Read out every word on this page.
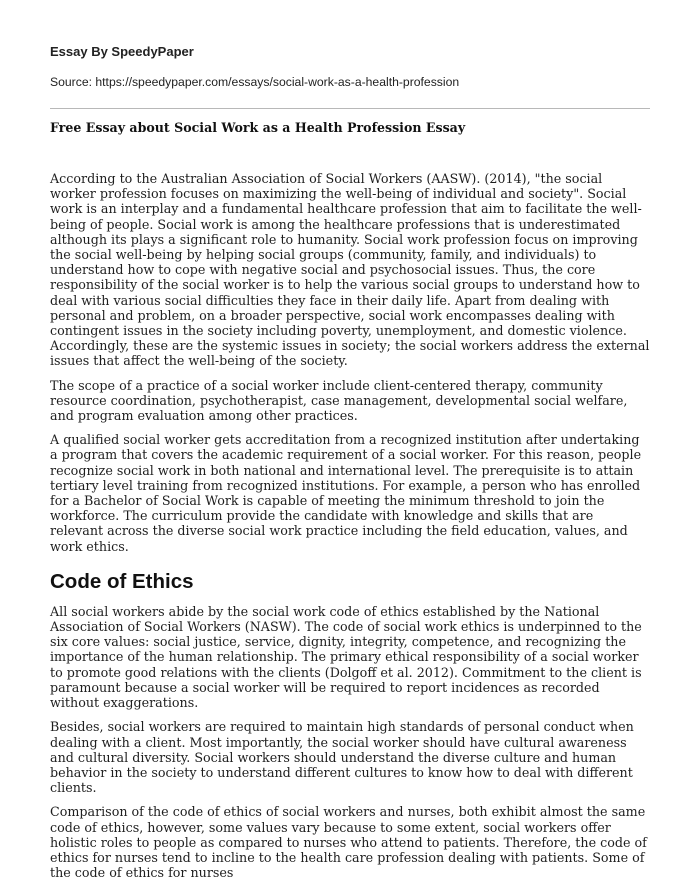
Essay By SpeedyPaper

Source: https://speedypaper.com/essays/social-work-as-a-health-profession

Free Essay about Social Work as a Health Profession Essay

According to the Australian Association of Social Workers (AASW). (2014), "the social worker profession focuses on maximizing the well-being of individual and society". Social work is an interplay and a fundamental healthcare profession that aim to facilitate the well-being of people. Social work is among the healthcare professions that is underestimated although its plays a significant role to humanity. Social work profession focus on improving the social well-being by helping social groups (community, family, and individuals) to understand how to cope with negative social and psychosocial issues. Thus, the core responsibility of the social worker is to help the various social groups to understand how to deal with various social difficulties they face in their daily life. Apart from dealing with personal and problem, on a broader perspective, social work encompasses dealing with contingent issues in the society including poverty, unemployment, and domestic violence. Accordingly, these are the systemic issues in society; the social workers address the external issues that affect the well-being of the society.

The scope of a practice of a social worker include client-centered therapy, community resource coordination, psychotherapist, case management, developmental social welfare, and program evaluation among other practices.

A qualified social worker gets accreditation from a recognized institution after undertaking a program that covers the academic requirement of a social worker. For this reason, people recognize social work in both national and international level. The prerequisite is to attain tertiary level training from recognized institutions. For example, a person who has enrolled for a Bachelor of Social Work is capable of meeting the minimum threshold to join the workforce. The curriculum provide the candidate with knowledge and skills that are relevant across the diverse social work practice including the field education, values, and work ethics.

Code of Ethics

All social workers abide by the social work code of ethics established by the National Association of Social Workers (NASW). The code of social work ethics is underpinned to the six core values: social justice, service, dignity, integrity, competence, and recognizing the importance of the human relationship. The primary ethical responsibility of a social worker to promote good relations with the clients (Dolgoff et al. 2012). Commitment to the client is paramount because a social worker will be required to report incidences as recorded without exaggerations.

Besides, social workers are required to maintain high standards of personal conduct when dealing with a client. Most importantly, the social worker should have cultural awareness and cultural diversity. Social workers should understand the diverse culture and human behavior in the society to understand different cultures to know how to deal with different clients.

Comparison of the code of ethics of social workers and nurses, both exhibit almost the same code of ethics, however, some values vary because to some extent, social workers offer holistic roles to people as compared to nurses who attend to patients. Therefore, the code of ethics for nurses tend to incline to the health care profession dealing with patients. Some of the code of ethics for nurses
